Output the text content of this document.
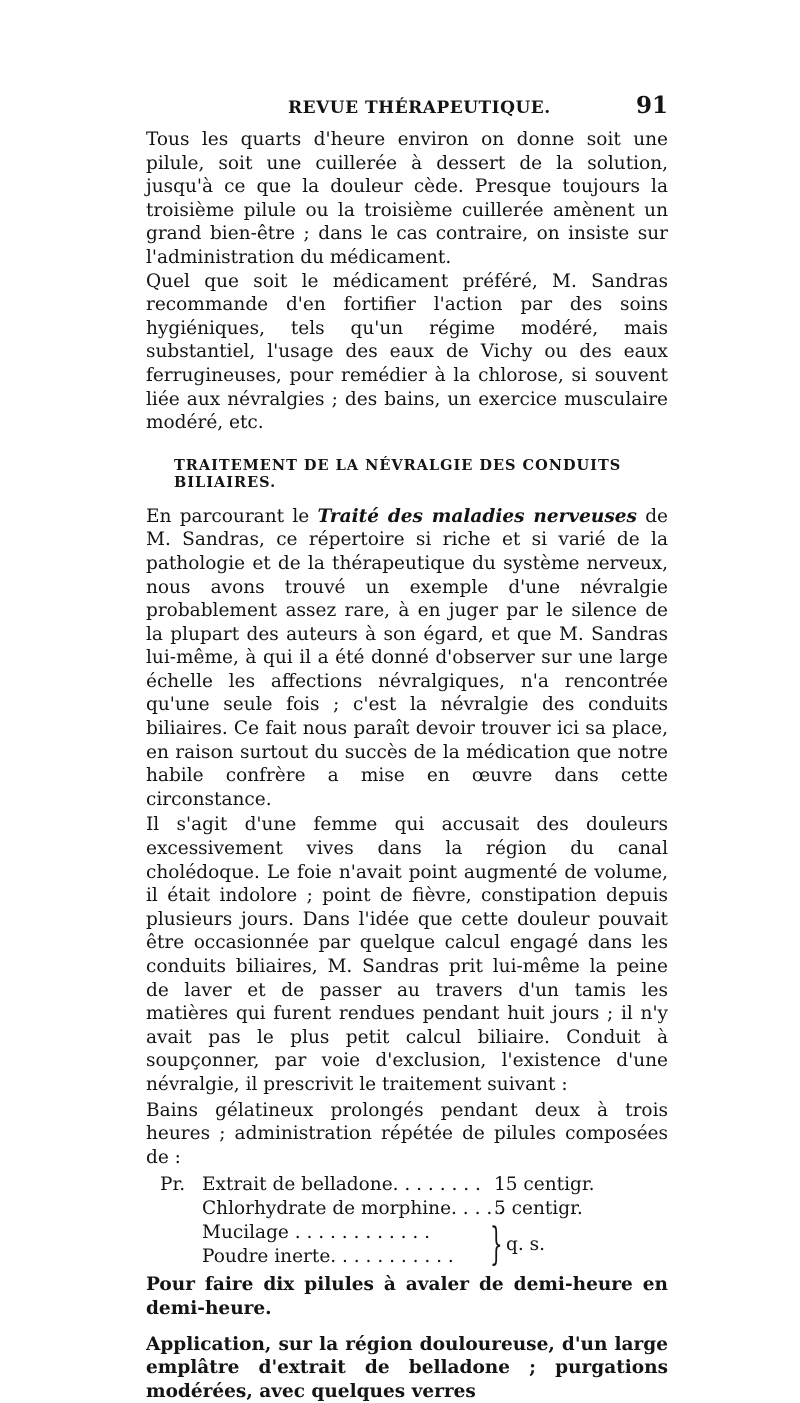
REVUE THÉRAPEUTIQUE.	91

Tous les quarts d'heure environ on donne soit une pilule, soit une cuillerée à dessert de la solution, jusqu'à ce que la douleur cède. Presque toujours la troisième pilule ou la troisième cuillerée amènent un grand bien-être ; dans le cas contraire, on insiste sur l'administration du médicament.

Quel que soit le médicament préféré, M. Sandras recommande d'en fortifier l'action par des soins hygiéniques, tels qu'un régime modéré, mais substantiel, l'usage des eaux de Vichy ou des eaux ferrugineuses, pour remédier à la chlorose, si souvent liée aux névralgies ; des bains, un exercice musculaire modéré, etc.

TRAITEMENT DE LA NÉVRALGIE DES CONDUITS BILIAIRES.

En parcourant le Traité des maladies nerveuses de M. Sandras, ce répertoire si riche et si varié de la pathologie et de la thérapeutique du système nerveux, nous avons trouvé un exemple d'une névralgie probablement assez rare, à en juger par le silence de la plupart des auteurs à son égard, et que M. Sandras lui-même, à qui il a été donné d'observer sur une large échelle les affections névralgiques, n'a rencontrée qu'une seule fois ; c'est la névralgie des conduits biliaires. Ce fait nous paraît devoir trouver ici sa place, en raison surtout du succès de la médication que notre habile confrère a mise en œuvre dans cette circonstance.

Il s'agit d'une femme qui accusait des douleurs excessivement vives dans la région du canal cholédoque. Le foie n'avait point augmenté de volume, il était indolore ; point de fièvre, constipation depuis plusieurs jours. Dans l'idée que cette douleur pouvait être occasionnée par quelque calcul engagé dans les conduits biliaires, M. Sandras prit lui-même la peine de laver et de passer au travers d'un tamis les matières qui furent rendues pendant huit jours ; il n'y avait pas le plus petit calcul biliaire. Conduit à soupçonner, par voie d'exclusion, l'existence d'une névralgie, il prescrivit le traitement suivant :

Bains gélatineux prolongés pendant deux à trois heures ; administration répétée de pilules composées de :

Pr. Extrait de belladone. . . . . . . . 15 centigr.
Chlorhydrate de morphine. . . . .
5 centigr.
Mucilage . . . . . . . . . . . .
Poudre inerte. . . . . . . . . . . } q. s.

Pour faire dix pilules à avaler de demi-heure en demi-heure.

Application, sur la région douloureuse, d'un large emplâtre d'extrait de belladone ; purgations modérées, avec quelques verres
